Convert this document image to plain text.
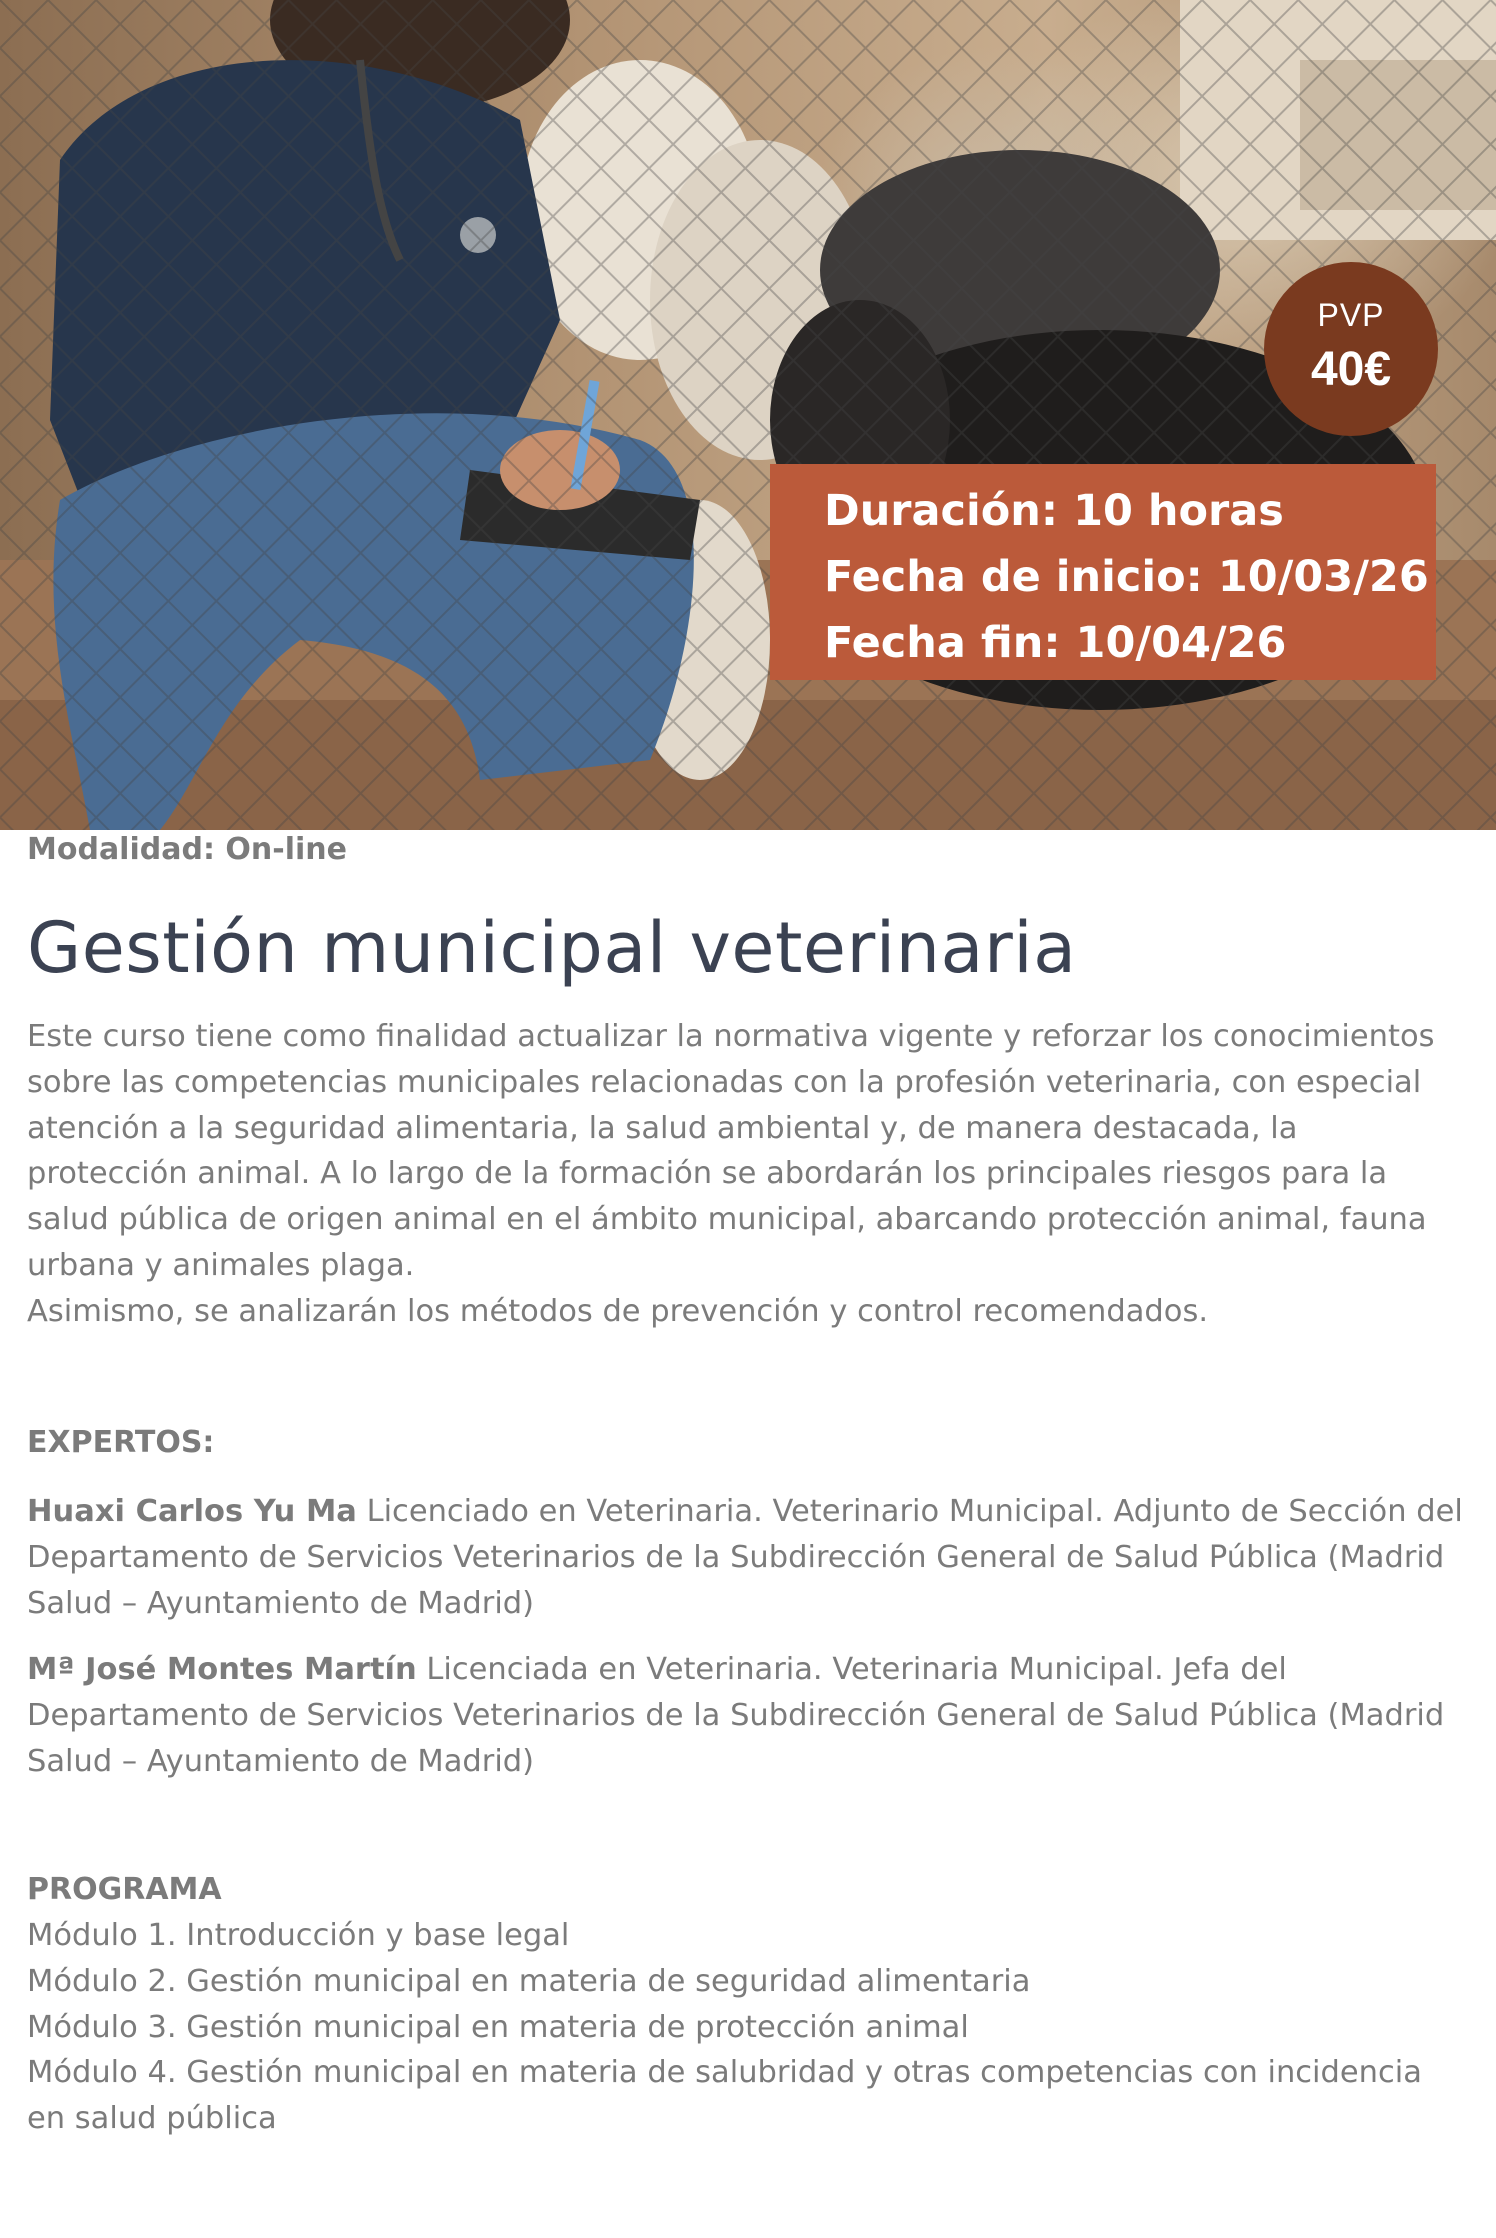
PVP
40€
Duración: 10 horas
Fecha de inicio: 10/03/26
Fecha fin: 10/04/26
Modalidad: On-line
Gestión municipal veterinaria

Este curso tiene como finalidad actualizar la normativa vigente y reforzar los conocimientos sobre las competencias municipales relacionadas con la profesión veterinaria, con especial atención a la seguridad alimentaria, la salud ambiental y, de manera destacada, la protección animal. A lo largo de la formación se abordarán los principales riesgos para la salud pública de origen animal en el ámbito municipal, abarcando protección animal, fauna urbana y animales plaga.

Asimismo, se analizarán los métodos de prevención y control recomendados.

EXPERTOS:

Huaxi Carlos Yu Ma Licenciado en Veterinaria. Veterinario Municipal. Adjunto de Sección del Departamento de Servicios Veterinarios de la Subdirección General de Salud Pública (Madrid Salud – Ayuntamiento de Madrid)

Mª José Montes Martín Licenciada en Veterinaria. Veterinaria Municipal. Jefa del Departamento de Servicios Veterinarios de la Subdirección General de Salud Pública (Madrid Salud – Ayuntamiento de Madrid)

PROGRAMA
Módulo 1. Introducción y base legal
Módulo 2. Gestión municipal en materia de seguridad alimentaria
Módulo 3. Gestión municipal en materia de protección animal
Módulo 4. Gestión municipal en materia de salubridad y otras competencias con incidencia en salud pública
